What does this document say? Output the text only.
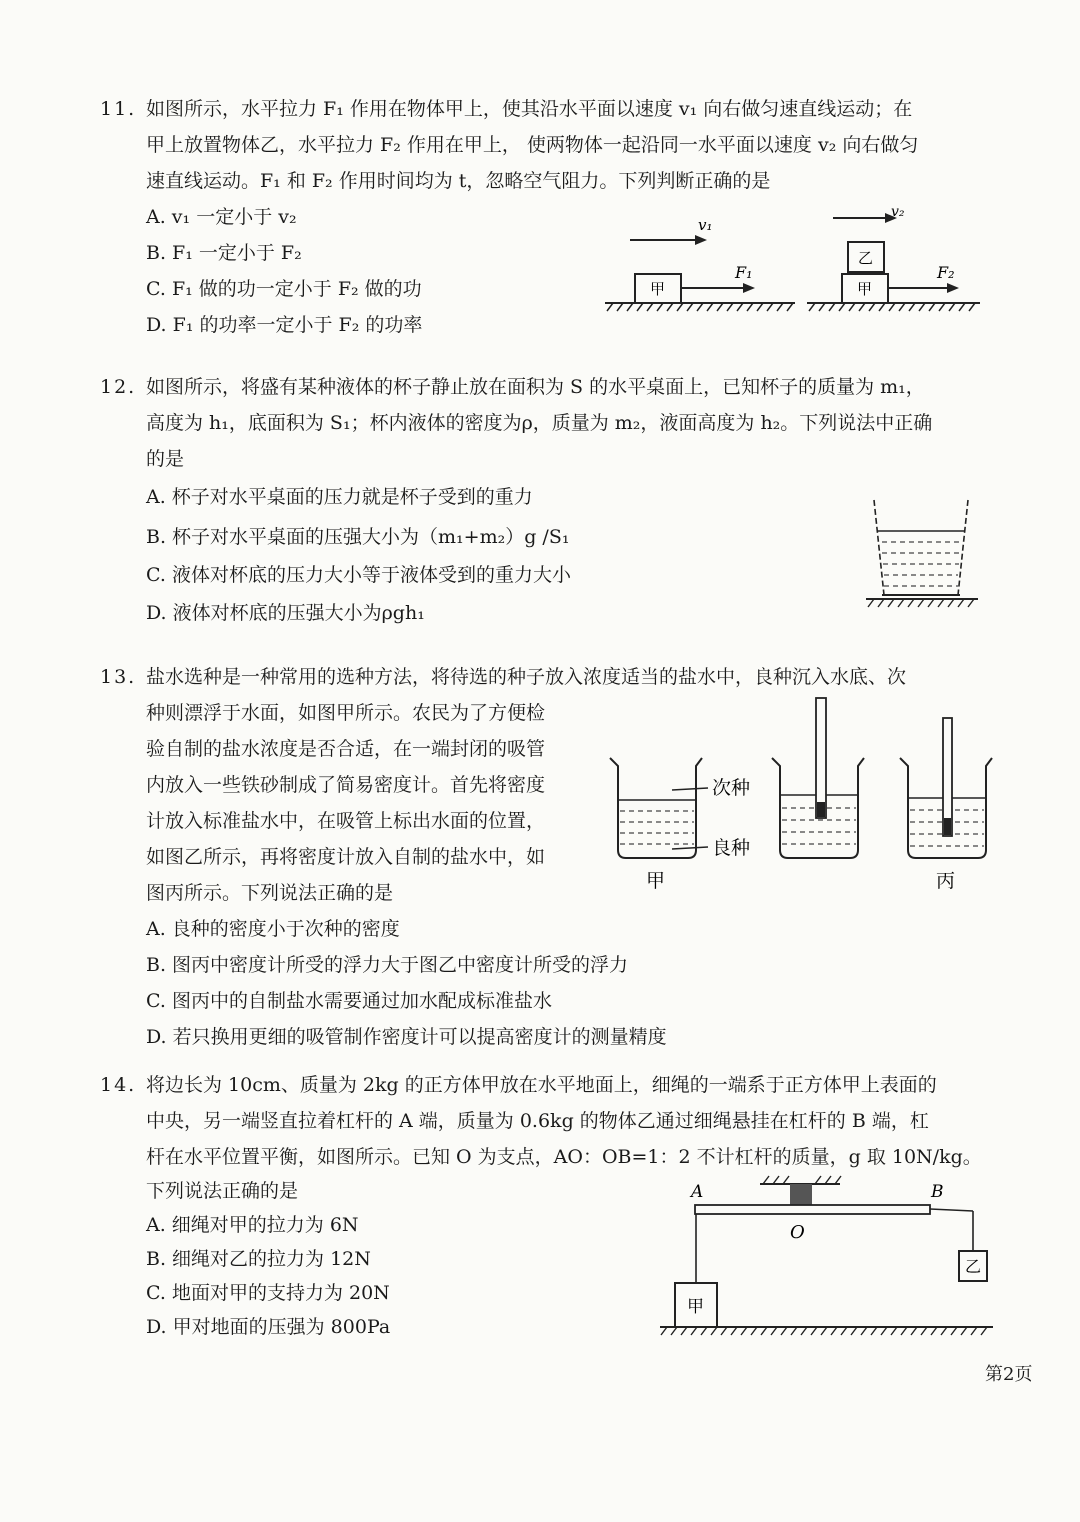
11. 如图所示，水平拉力 F₁ 作用在物体甲上，使其沿水平面以速度 v₁ 向右做匀速直线运动；在
甲上放置物体乙，水平拉力 F₂ 作用在甲上， 使两物体一起沿同一水平面以速度 v₂ 向右做匀
速直线运动。F₁ 和 F₂ 作用时间均为 t，忽略空气阻力。下列判断正确的是
A. v₁ 一定小于 v₂
B. F₁ 一定小于 F₂
C. F₁ 做的功一定小于 F₂ 做的功
D. F₁ 的功率一定小于 F₂ 的功率
v₁
甲
F₁
v₂
乙
甲
F₂
12. 如图所示，将盛有某种液体的杯子静止放在面积为 S 的水平桌面上，已知杯子的质量为 m₁，
高度为 h₁，底面积为 S₁；杯内液体的密度为ρ，质量为 m₂，液面高度为 h₂。下列说法中正确
的是
A. 杯子对水平桌面的压力就是杯子受到的重力
B. 杯子对水平桌面的压强大小为（m₁+m₂）g /S₁
C. 液体对杯底的压力大小等于液体受到的重力大小
D. 液体对杯底的压强大小为ρgh₁
13. 盐水选种是一种常用的选种方法，将待选的种子放入浓度适当的盐水中，良种沉入水底、次
种则漂浮于水面，如图甲所示。农民为了方便检
验自制的盐水浓度是否合适，在一端封闭的吸管
内放入一些铁砂制成了简易密度计。首先将密度
计放入标准盐水中，在吸管上标出水面的位置，
如图乙所示，再将密度计放入自制的盐水中，如
图丙所示。下列说法正确的是
A. 良种的密度小于次种的密度
B. 图丙中密度计所受的浮力大于图乙中密度计所受的浮力
C. 图丙中的自制盐水需要通过加水配成标准盐水
D. 若只换用更细的吸管制作密度计可以提高密度计的测量精度
次种
良种
甲	丙
14. 将边长为 10cm、质量为 2kg 的正方体甲放在水平地面上，细绳的一端系于正方体甲上表面的
中央，另一端竖直拉着杠杆的 A 端，质量为 0.6kg 的物体乙通过细绳悬挂在杠杆的 B 端，杠
杆在水平位置平衡，如图所示。已知 O 为支点，AO：OB=1：2 不计杠杆的质量，g 取 10N/kg。
下列说法正确的是
A. 细绳对甲的拉力为 6N
B. 细绳对乙的拉力为 12N
C. 地面对甲的支持力为 20N
D. 甲对地面的压强为 800Pa
A	B
O
甲
乙
第2页
